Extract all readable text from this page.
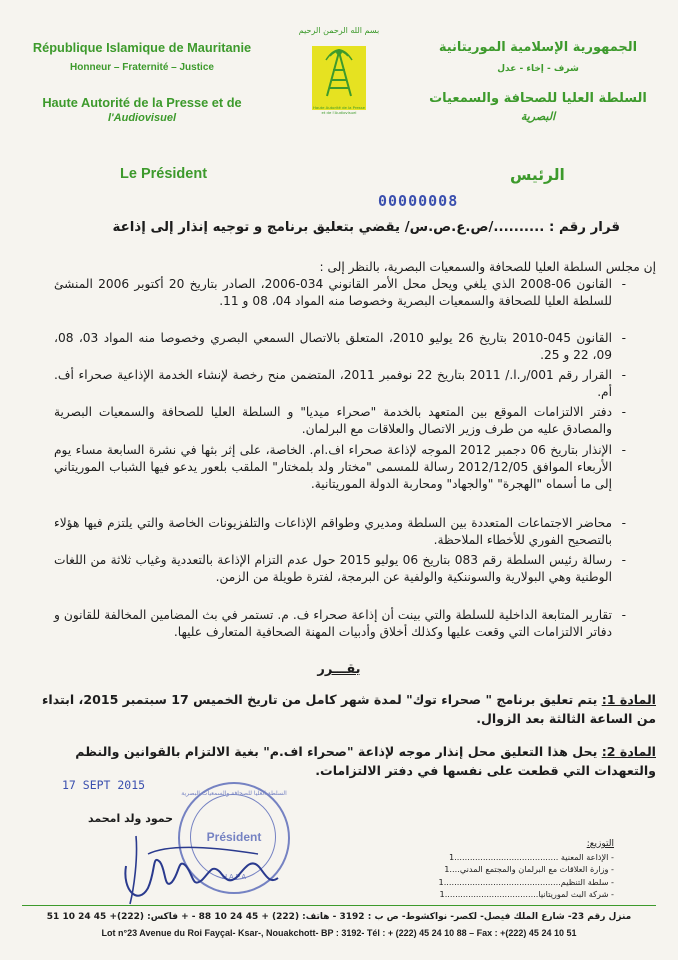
République Islamique de Mauritanie
Honneur – Fraternité – Justice
Haute Autorité de la Presse et de
l'Audiovisuel
بسم الله الرحمن الرحيم
Haute Autorité de la Presse et de l'Audiovisuel
الجمهورية الإسلامية الموريتانية
شرف - إخاء - عدل
السلطة العليا للصحافة والسمعيات
البصرية
Le Président	الرئيس
00000008
قرار رقم : ........../ص.ع.ص.س/ يقضي بتعليق برنامج و توجيه إنذار إلى إذاعة
إن مجلس السلطة العليا للصحافة والسمعيات البصرية، بالنظر إلى :
-
القانون 06-2008 الذي يلغي ويحل محل الأمر القانوني 034-2006، الصادر بتاريخ 20 أكتوبر 2006 المنشئ للسلطة العليا للصحافة والسمعيات البصرية وخصوصا منه المواد 04، 08 و 11.
-
القانون 045-2010 بتاريخ 26 يوليو 2010، المتعلق بالاتصال السمعي البصري وخصوصا منه المواد 03، 08، 09، 22 و 25.
-
القرار رقم 001/ر.ا./ 2011 بتاريخ 22 نوفمبر 2011، المتضمن منح رخصة لإنشاء الخدمة الإذاعية صحراء أف. أم.
-
دفتر الالتزامات الموقع بين المتعهد بالخدمة "صحراء ميديا" و السلطة العليا للصحافة والسمعيات البصرية والمصادق عليه من طرف وزير الاتصال والعلاقات مع البرلمان.
-
الإنذار بتاريخ 06 دجمبر 2012 الموجه لإذاعة صحراء اف.ام. الخاصة، على إثر بثها في نشرة السابعة مساء يوم الأربعاء الموافق 2012/12/05 رسالة للمسمى "مختار ولد بلمختار" الملقب بلعور يدعو فيها الشباب الموريتاني إلى ما أسماه "الهجرة" "والجهاد" ومحاربة الدولة الموريتانية.
-
محاضر الاجتماعات المتعددة بين السلطة ومديري وطواقم الإذاعات والتلفزيونات الخاصة والتي يلتزم فيها هؤلاء بالتصحيح الفوري للأخطاء الملاحظة.
-
رسالة رئيس السلطة رقم 083 بتاريخ 06 يوليو 2015 حول عدم التزام الإذاعة بالتعددية وغياب ثلاثة من اللغات الوطنية وهي البولارية والسوننكية والولفية عن البرمجة، لفترة طويلة من الزمن.
-
تقارير المتابعة الداخلية للسلطة والتي بينت أن إذاعة صحراء ف. م. تستمر في بث المضامين المخالفة للقانون و دفاتر الالتزامات التي وقعت عليها وكذلك أخلاق وأدبيات المهنة الصحافية المتعارف عليها.
يقـــرر
المادة 1: يتم تعليق برنامج " صحراء توك" لمدة شهر كامل من تاريخ الخميس 17 سبتمبر 2015، ابتداء من الساعة الثالثة بعد الزوال.
المادة 2: يحل هذا التعليق محل إنذار موجه لإذاعة "صحراء اف.م" بغية الالتزام بالقوانين والنظم والتعهدات التي قطعت على نفسها في دفتر الالتزامات.
17 SEPT 2015
السلطة العليا للصحافة والسمعيات البصرية
Président
H.A.P.A
حمود ولد امحمد
التوزيع:
- الإذاعة المعنية ........................................1
- وزارة العلاقات مع البرلمان والمجتمع المدني....1
- سلطة التنظيم.............................................1
- شركة البث لموريتانيا....................................1
منزل رقم 23- شارع الملك فيصل- لكصر- نواكشوط- ص ب : 3192 - هاتف: (222) + 45 24 10 88 - + فاكس: (222)+ 45 24 10 51
Lot n°23 Avenue du Roi Fayçal- Ksar-, Nouakchott- BP : 3192- Tél : + (222) 45 24 10 88 – Fax : +(222) 45 24 10 51
